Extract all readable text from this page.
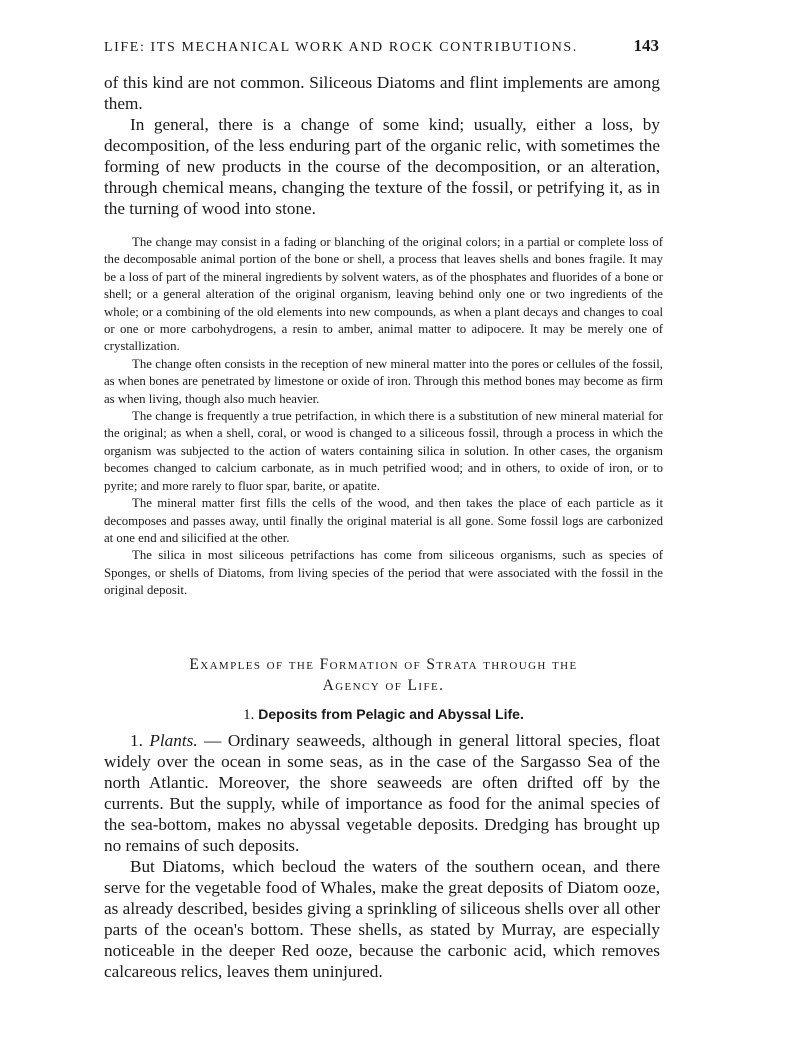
LIFE: ITS MECHANICAL WORK AND ROCK CONTRIBUTIONS.	143

of this kind are not common. Siliceous Diatoms and flint implements are among them.

In general, there is a change of some kind; usually, either a loss, by decomposition, of the less enduring part of the organic relic, with sometimes the forming of new products in the course of the decomposition, or an alteration, through chemical means, changing the texture of the fossil, or petrifying it, as in the turning of wood into stone.

The change may consist in a fading or blanching of the original colors; in a partial or complete loss of the decomposable animal portion of the bone or shell, a process that leaves shells and bones fragile. It may be a loss of part of the mineral ingredients by solvent waters, as of the phosphates and fluorides of a bone or shell; or a general alteration of the original organism, leaving behind only one or two ingredients of the whole; or a combining of the old elements into new compounds, as when a plant decays and changes to coal or one or more carbohydrogens, a resin to amber, animal matter to adipocere. It may be merely one of crystallization.

The change often consists in the reception of new mineral matter into the pores or cellules of the fossil, as when bones are penetrated by limestone or oxide of iron. Through this method bones may become as firm as when living, though also much heavier.

The change is frequently a true petrifaction, in which there is a substitution of new mineral material for the original; as when a shell, coral, or wood is changed to a siliceous fossil, through a process in which the organism was subjected to the action of waters containing silica in solution. In other cases, the organism becomes changed to calcium carbonate, as in much petrified wood; and in others, to oxide of iron, or to pyrite; and more rarely to fluor spar, barite, or apatite.

The mineral matter first fills the cells of the wood, and then takes the place of each particle as it decomposes and passes away, until finally the original material is all gone. Some fossil logs are carbonized at one end and silicified at the other.

The silica in most siliceous petrifactions has come from siliceous organisms, such as species of Sponges, or shells of Diatoms, from living species of the period that were associated with the fossil in the original deposit.

Examples of the Formation of Strata through the
Agency of Life.
1. Deposits from Pelagic and Abyssal Life.

1. Plants. — Ordinary seaweeds, although in general littoral species, float widely over the ocean in some seas, as in the case of the Sargasso Sea of the north Atlantic. Moreover, the shore seaweeds are often drifted off by the currents. But the supply, while of importance as food for the animal species of the sea-bottom, makes no abyssal vegetable deposits. Dredging has brought up no remains of such deposits.

But Diatoms, which becloud the waters of the southern ocean, and there serve for the vegetable food of Whales, make the great deposits of Diatom ooze, as already described, besides giving a sprinkling of siliceous shells over all other parts of the ocean's bottom. These shells, as stated by Murray, are especially noticeable in the deeper Red ooze, because the carbonic acid, which removes calcareous relics, leaves them uninjured.
